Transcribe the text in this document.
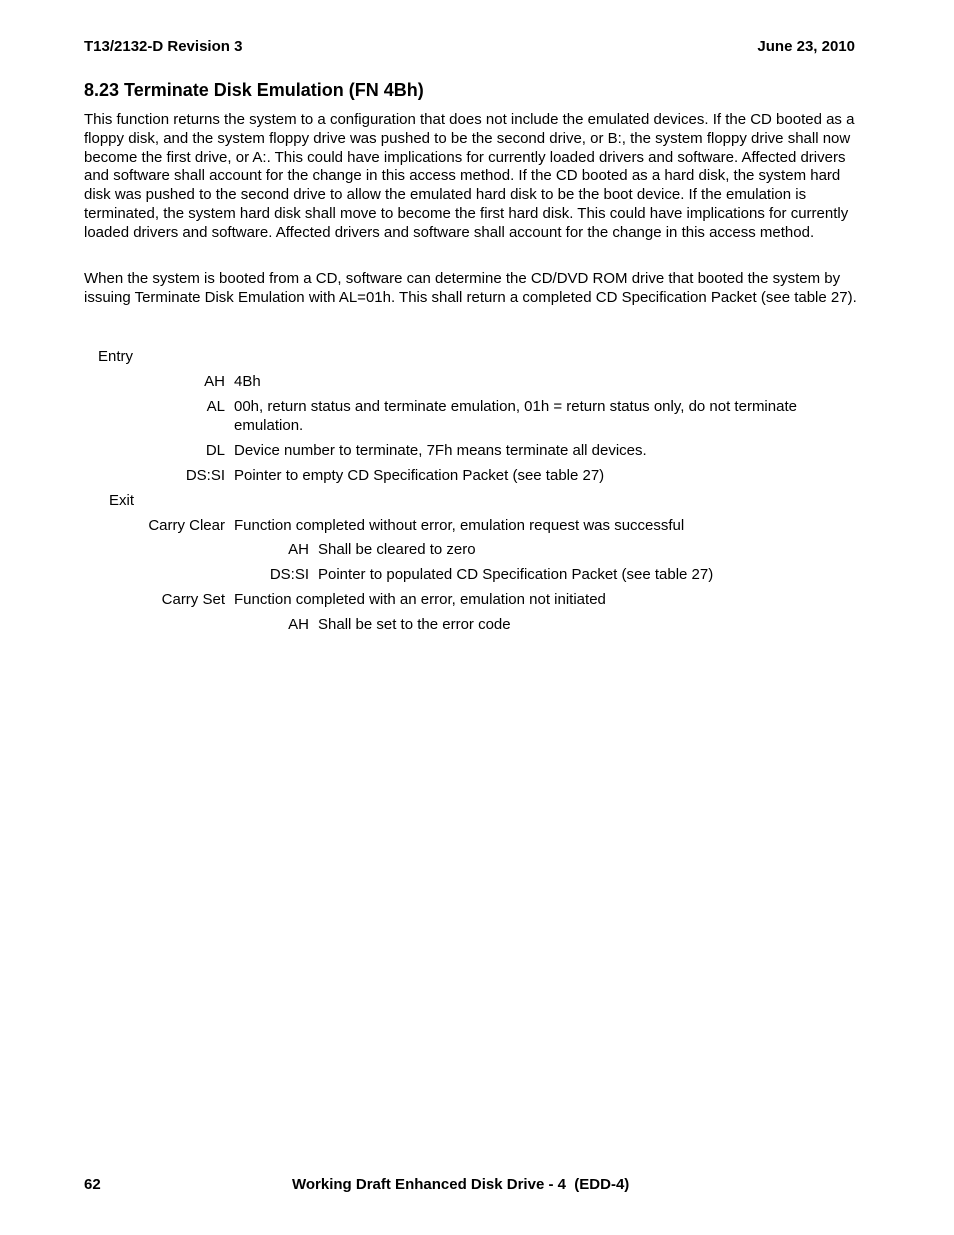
T13/2132-D Revision 3	June 23, 2010
8.23 Terminate Disk Emulation (FN 4Bh)

This function returns the system to a configuration that does not include the emulated devices. If the CD booted as a floppy disk, and the system floppy drive was pushed to be the second drive, or B:, the system floppy drive shall now become the first drive, or A:. This could have implications for currently loaded drivers and software. Affected drivers and software shall account for the change in this access method. If the CD booted as a hard disk, the system hard disk was pushed to the second drive to allow the emulated hard disk to be the boot device. If the emulation is terminated, the system hard disk shall move to become the first hard disk. This could have implications for currently loaded drivers and software. Affected drivers and software shall account for the change in this access method.

When the system is booted from a CD, software can determine the CD/DVD ROM drive that booted the system by issuing Terminate Disk Emulation with AL=01h. This shall return a completed CD Specification Packet (see table 27).

Entry
AH 4Bh
AL 00h, return status and terminate emulation, 01h = return status only, do not terminate emulation.
DL Device number to terminate, 7Fh means terminate all devices.
DS:SI Pointer to empty CD Specification Packet (see table 27)
Exit
Carry Clear Function completed without error, emulation request was successful
AH Shall be cleared to zero
DS:SI Pointer to populated CD Specification Packet (see table 27)
Carry Set Function completed with an error, emulation not initiated
AH Shall be set to the error code
62	Working Draft Enhanced Disk Drive - 4  (EDD-4)
